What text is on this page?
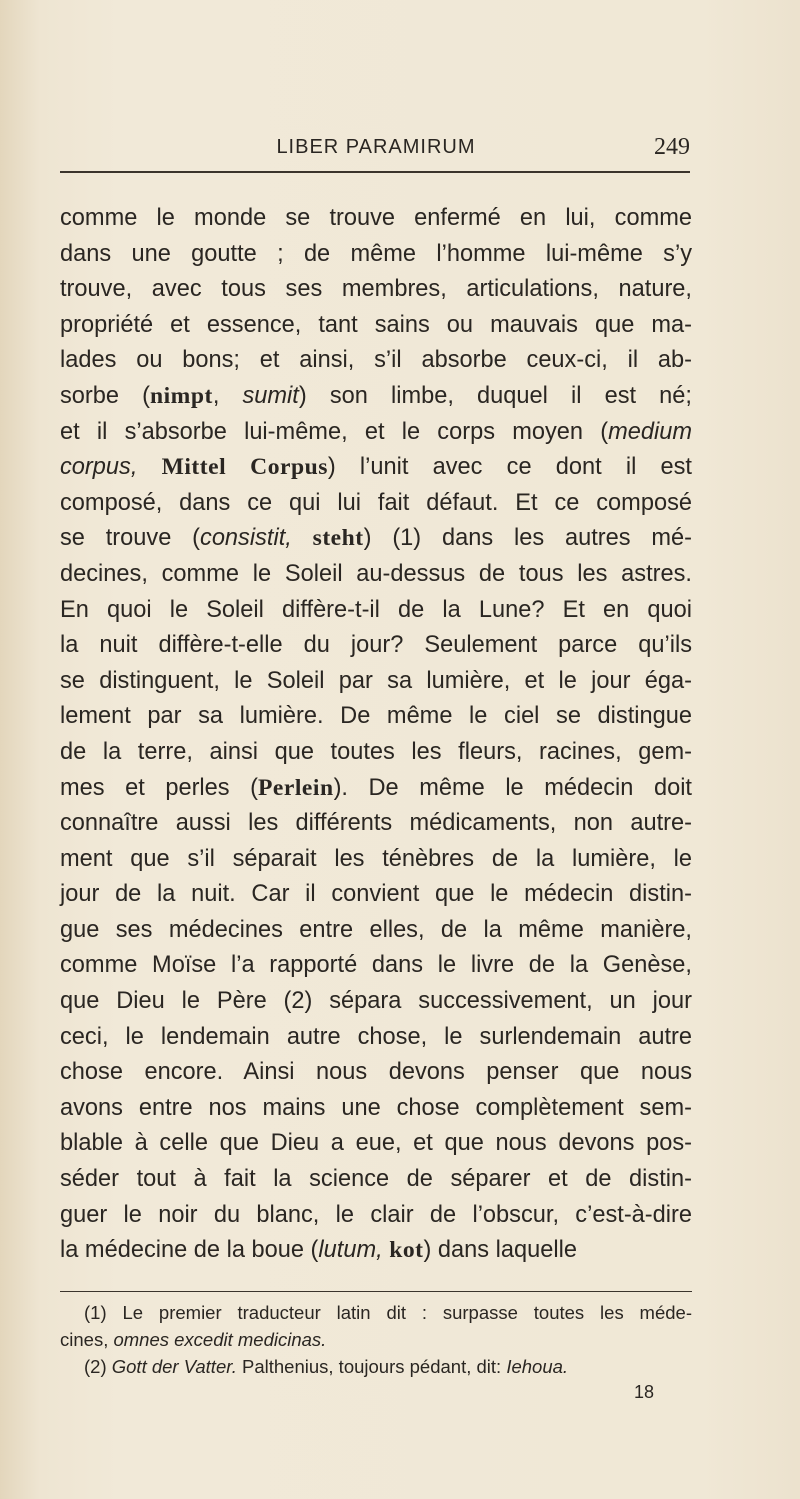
LIBER PARAMIRUM	249
comme le monde se trouve enfermé en lui, comme
dans une goutte ; de même l’homme lui-même s’y
trouve, avec tous ses membres, articulations, nature,
propriété et essence, tant sains ou mauvais que ma-
lades ou bons; et ainsi, s’il absorbe ceux-ci, il ab-
sorbe (nimpt, sumit) son limbe, duquel il est né;
et il s’absorbe lui-même, et le corps moyen (medium
corpus, Mittel Corpus) l’unit avec ce dont il est
composé, dans ce qui lui fait défaut. Et ce composé
se trouve (consistit, steht) (1) dans les autres mé-
decines, comme le Soleil au-dessus de tous les astres.
En quoi le Soleil diffère-t-il de la Lune? Et en quoi
la nuit diffère-t-elle du jour? Seulement parce qu’ils
se distinguent, le Soleil par sa lumière, et le jour éga-
lement par sa lumière. De même le ciel se distingue
de la terre, ainsi que toutes les fleurs, racines, gem-
mes et perles (Perlein). De même le médecin doit
connaître aussi les différents médicaments, non autre-
ment que s’il séparait les ténèbres de la lumière, le
jour de la nuit. Car il convient que le médecin distin-
gue ses médecines entre elles, de la même manière,
comme Moïse l’a rapporté dans le livre de la Genèse,
que Dieu le Père (2) sépara successivement, un jour
ceci, le lendemain autre chose, le surlendemain autre
chose encore. Ainsi nous devons penser que nous
avons entre nos mains une chose complètement sem-
blable à celle que Dieu a eue, et que nous devons pos-
séder tout à fait la science de séparer et de distin-
guer le noir du blanc, le clair de l’obscur, c’est-à-dire
la médecine de la boue (lutum, kot) dans laquelle
(1) Le premier traducteur latin dit : surpasse toutes les méde-
cines, omnes excedit medicinas.
(2) Gott der Vatter. Palthenius, toujours pédant, dit: Iehoua.
18
